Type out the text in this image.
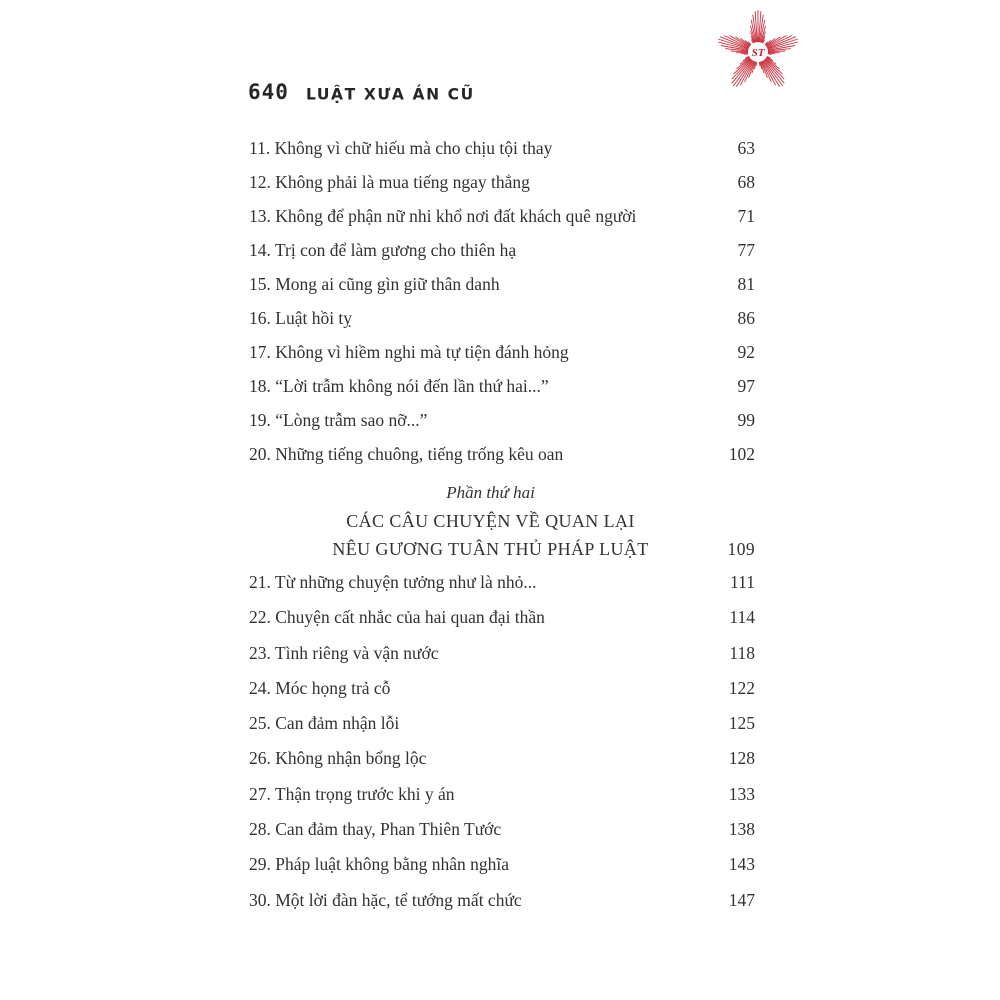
ST
640 LUẬT XƯA ÁN CŨ
11. Không vì chữ hiếu mà cho chịu tội thay	63
12. Không phải là mua tiếng ngay thẳng	68
13. Không để phận nữ nhi khổ nơi đất khách quê người	71
14. Trị con để làm gương cho thiên hạ	77
15. Mong ai cũng gìn giữ thân danh	81
16. Luật hồi tỵ	86
17. Không vì hiềm nghi mà tự tiện đánh hỏng	92
18. “Lời trẫm không nói đến lần thứ hai...”	97
19. “Lòng trẫm sao nỡ...”	99
20. Những tiếng chuông, tiếng trống kêu oan	102
Phần thứ hai
CÁC CÂU CHUYỆN VỀ QUAN LẠI
NÊU GƯƠNG TUÂN THỦ PHÁP LUẬT	109
21. Từ những chuyện tưởng như là nhỏ...	111
22. Chuyện cất nhắc của hai quan đại thần	114
23. Tình riêng và vận nước	118
24. Móc họng trả cỗ	122
25. Can đảm nhận lỗi	125
26. Không nhận bổng lộc	128
27. Thận trọng trước khi y án	133
28. Can đảm thay, Phan Thiên Tước	138
29. Pháp luật không bằng nhân nghĩa	143
30. Một lời đàn hặc, tể tướng mất chức	147
